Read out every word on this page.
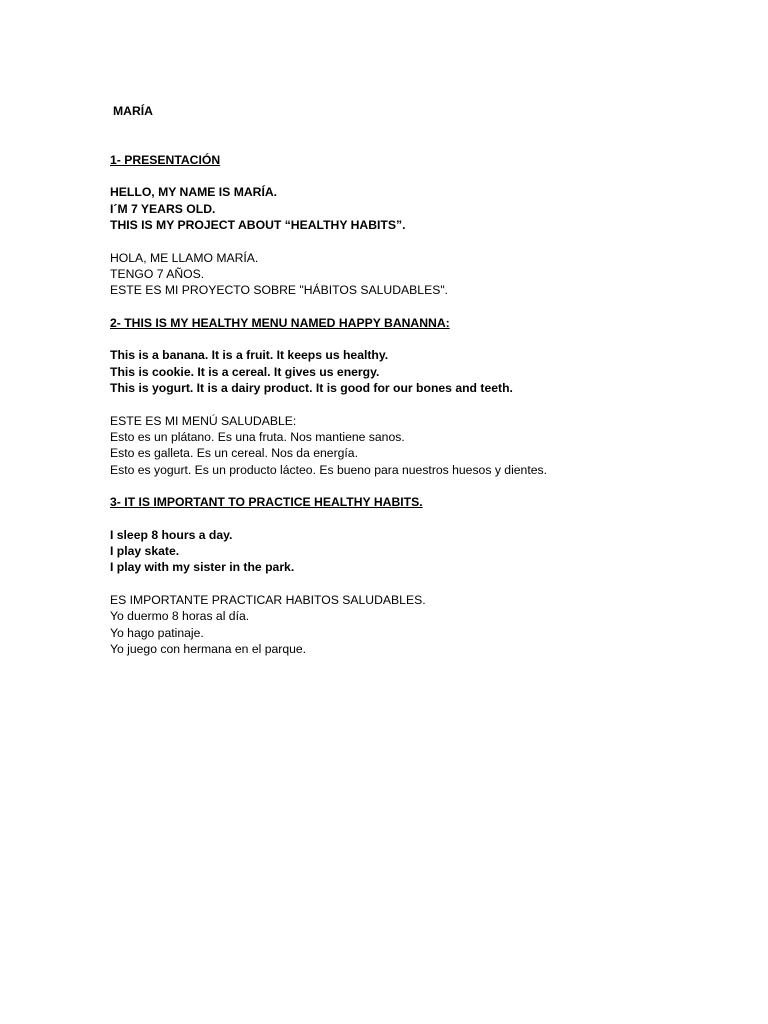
MARÍA
1- PRESENTACIÓN
HELLO, MY NAME IS MARÍA.
I´M 7 YEARS OLD.
THIS IS MY PROJECT ABOUT “HEALTHY HABITS”.
HOLA, ME LLAMO MARÍA.
TENGO 7 AÑOS.
ESTE ES MI PROYECTO SOBRE "HÁBITOS SALUDABLES".
2- THIS IS MY HEALTHY MENU NAMED HAPPY BANANNA:
This is a banana. It is a fruit. It keeps us healthy.
This is cookie. It is a cereal. It gives us energy.
This is yogurt. It is a dairy product. It is good for our bones and teeth.
ESTE ES MI MENÚ SALUDABLE:
Esto es un plátano. Es una fruta. Nos mantiene sanos.
Esto es galleta. Es un cereal. Nos da energía.
Esto es yogurt. Es un producto lácteo. Es bueno para nuestros huesos y dientes.
3- IT IS IMPORTANT TO PRACTICE HEALTHY HABITS.
I sleep 8 hours a day.
I play skate.
I play with my sister in the park.
ES IMPORTANTE PRACTICAR HABITOS SALUDABLES.
Yo duermo 8 horas al día.
Yo hago patinaje.
Yo juego con hermana en el parque.
